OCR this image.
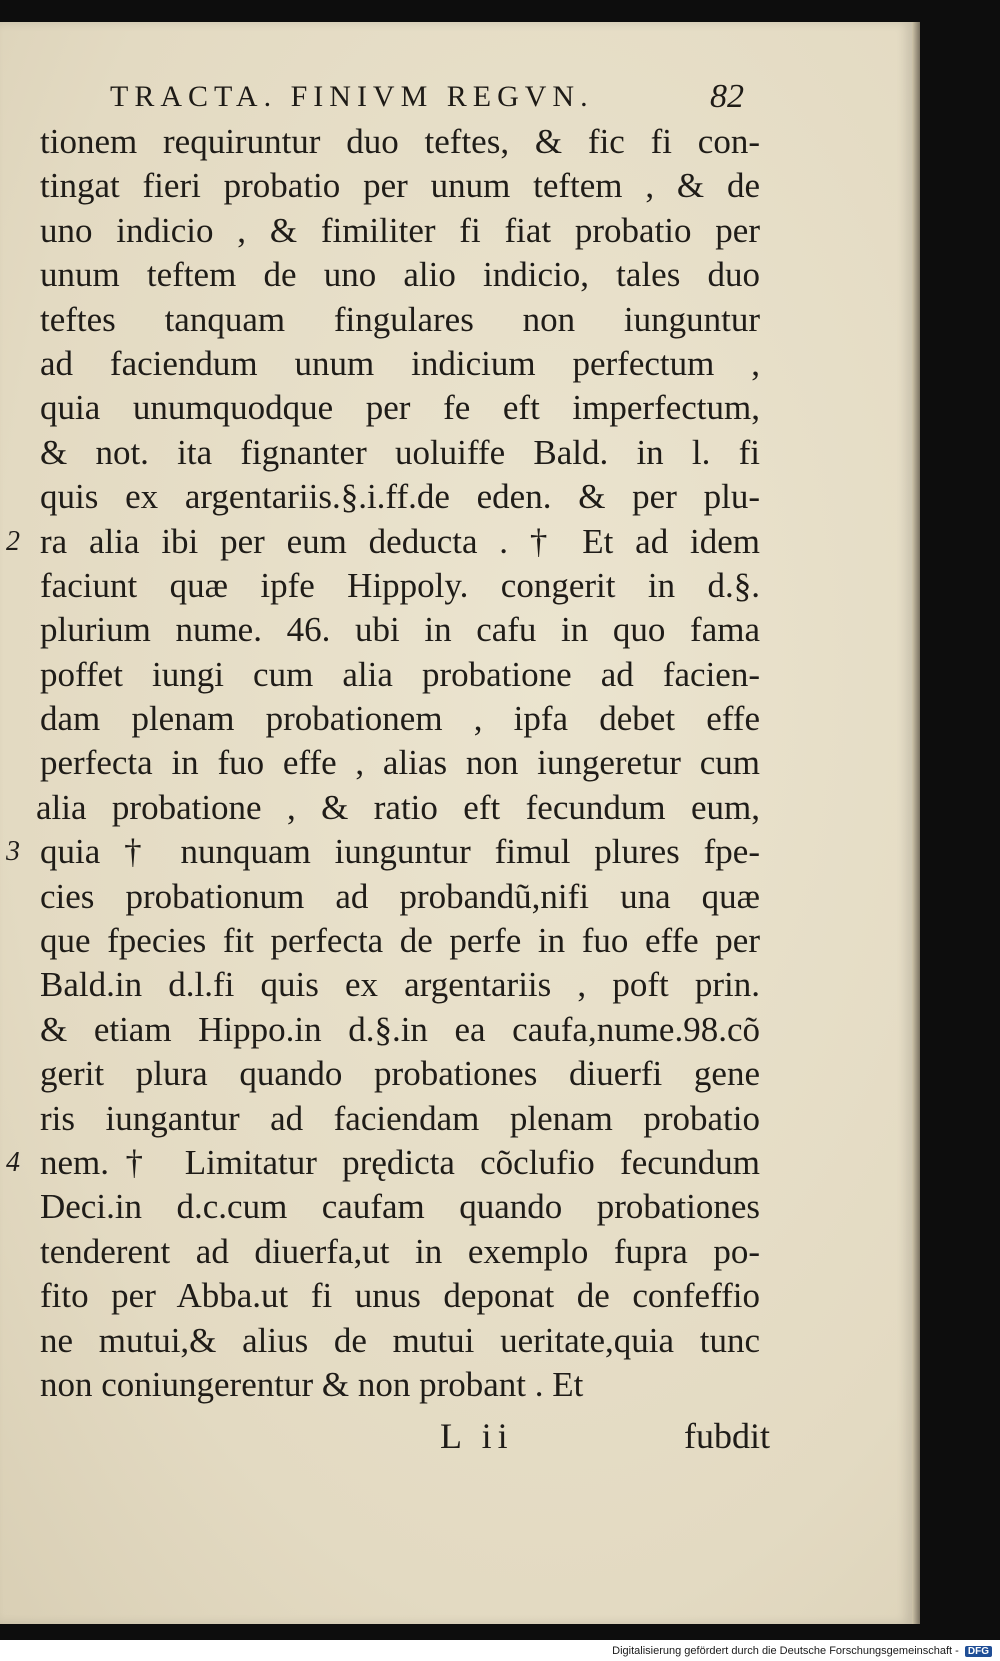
TRACTA. FINIVM REGVN.	82
tionem requiruntur duo teftes, & fic fi con-
tingat fieri probatio per unum teftem , & de
uno indicio , & fimiliter fi fiat probatio per
unum teftem de uno alio indicio, tales duo
teftes tanquam fingulares non iunguntur
ad faciendum unum indicium perfectum ,
quia unumquodque per fe eft imperfectum,
& not. ita fignanter uoluiffe Bald. in l. fi
quis ex argentariis.§.i.ff.de eden. & per plu-
2 ra alia ibi per eum deducta . † Et ad idem
faciunt quæ ipfe Hippoly. congerit in d.§.
plurium nume. 46. ubi in cafu in quo fama
poffet iungi cum alia probatione ad facien-
dam plenam probationem , ipfa debet effe
perfecta in fuo effe , alias non iungeretur cum
alia probatione , & ratio eft fecundum eum,
3 quia † nunquam iunguntur fimul plures fpe-
cies probationum ad probandũ,nifi una quæ
que fpecies fit perfecta de perfe in fuo effe per
Bald.in d.l.fi quis ex argentariis , poft prin.
& etiam Hippo.in d.§.in ea caufa,nume.98.cõ
gerit plura quando probationes diuerfi gene
ris iungantur ad faciendam plenam probatio
4 nem.† Limitatur prędicta cõclufio fecundum
Deci.in d.c.cum caufam quando probationes
tenderent ad diuerfa,ut in exemplo fupra po-
fito per Abba.ut fi unus deponat de confeffio
ne mutui,& alius de mutui ueritate,quia tunc
non coniungerentur & non probant . Et
L ii	fubdit
Digitalisierung gefördert durch die Deutsche Forschungsgemeinschaft - DFG
